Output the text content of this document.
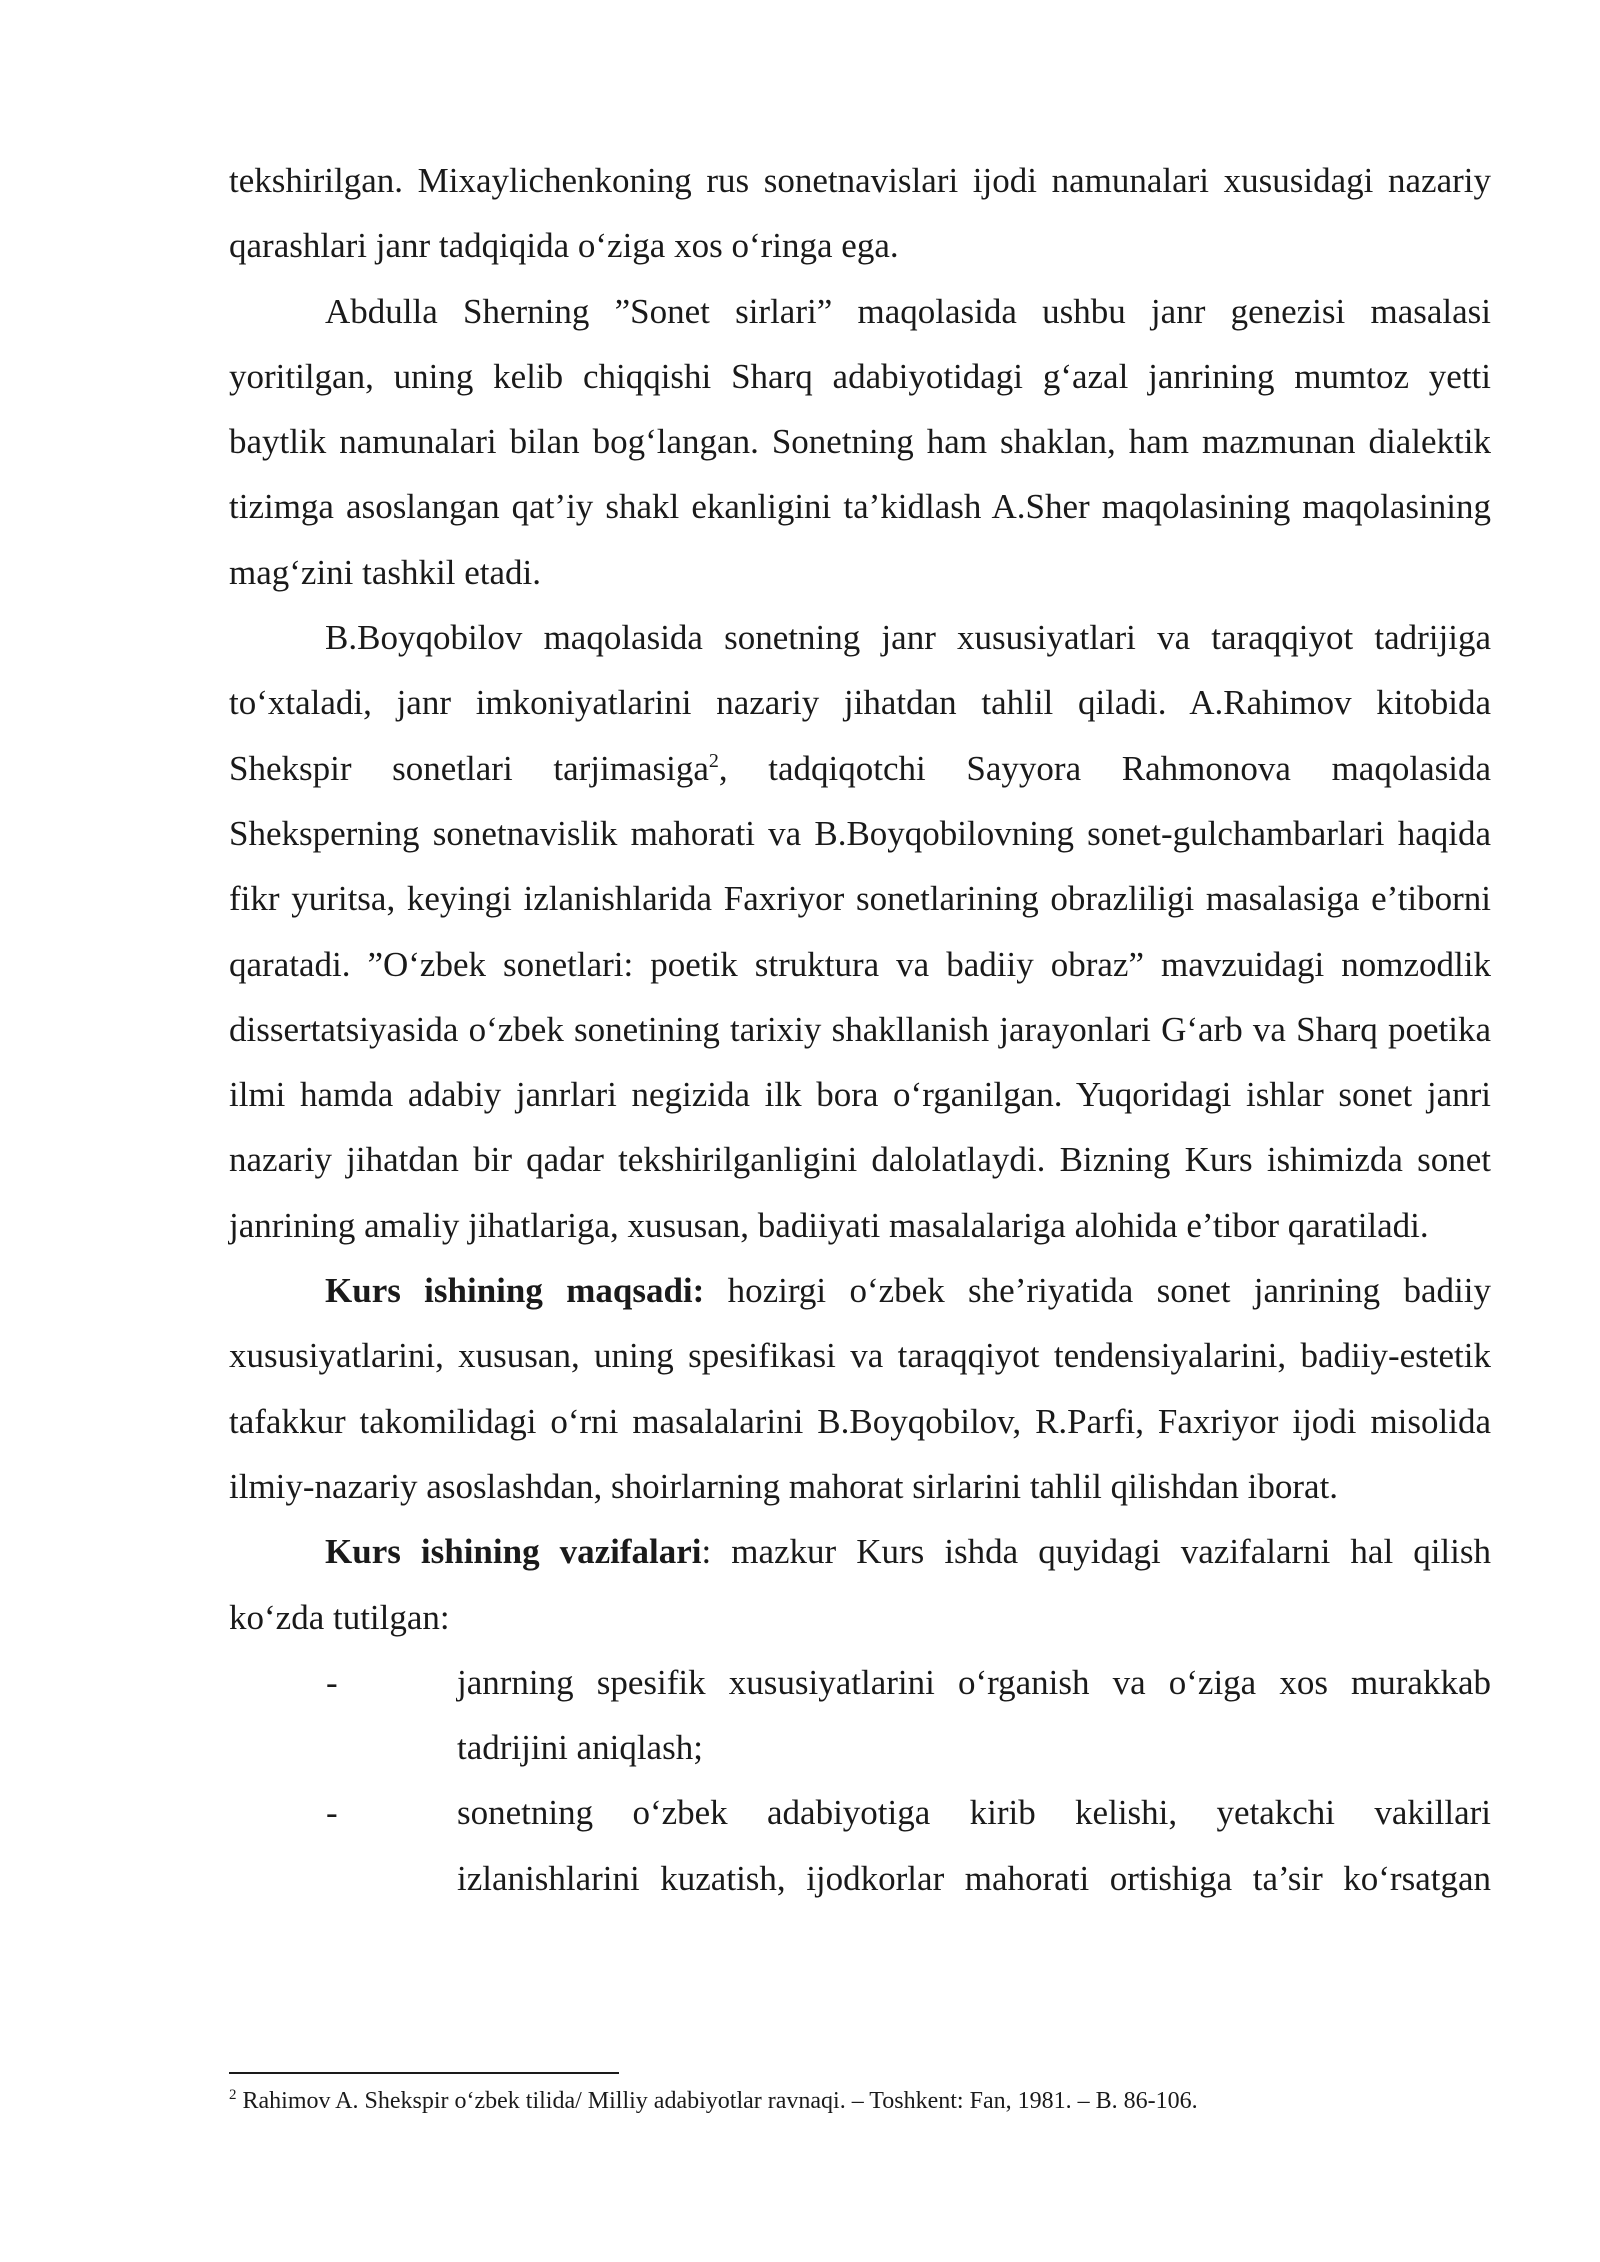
tekshirilgan. Mixaylichenkoning rus sonetnavislari ijodi namunalari xususidagi nazariy qarashlari janr tadqiqida o‘ziga xos o‘ringa ega.

Abdulla Sherning ”Sonet sirlari” maqolasida ushbu janr genezisi masalasi yoritilgan, uning kelib chiqqishi Sharq adabiyotidagi g‘azal janrining mumtoz yetti baytlik namunalari bilan bog‘langan. Sonetning ham shaklan, ham mazmunan dialektik tizimga asoslangan qat’iy shakl ekanligini ta’kidlash A.Sher maqolasining maqolasining mag‘zini tashkil etadi.

B.Boyqobilov maqolasida sonetning janr xususiyatlari va taraqqiyot tadrijiga to‘xtaladi, janr imkoniyatlarini nazariy jihatdan tahlil qiladi. A.Rahimov kitobida Shekspir sonetlari tarjimasiga$^2$, tadqiqotchi Sayyora Rahmonova maqolasida Sheksperning sonetnavislik mahorati va B.Boyqobilovning sonet-gulchambarlari haqida fikr yuritsa, keyingi izlanishlarida Faxriyor sonetlarining obrazliligi masalasiga e’tiborni qaratadi. ”O‘zbek sonetlari: poetik struktura va badiiy obraz” mavzuidagi nomzodlik dissertatsiyasida o‘zbek sonetining tarixiy shakllanish jarayonlari G‘arb va Sharq poetika ilmi hamda adabiy janrlari negizida ilk bora o‘rganilgan. Yuqoridagi ishlar sonet janri nazariy jihatdan bir qadar tekshirilganligini dalolatlaydi. Bizning Kurs ishimizda sonet janrining amaliy jihatlariga, xususan, badiiyati masalalariga alohida e’tibor qaratiladi.

Kurs ishining maqsadi: hozirgi o‘zbek she’riyatida sonet janrining badiiy xususiyatlarini, xususan, uning spesifikasi va taraqqiyot tendensiyalarini, badiiy-estetik tafakkur takomilidagi o‘rni masalalarini B.Boyqobilov, R.Parfi, Faxriyor ijodi misolida ilmiy-nazariy asoslashdan, shoirlarning mahorat sirlarini tahlil qilishdan iborat.

Kurs ishining vazifalari: mazkur Kurs ishda quyidagi vazifalarni hal qilish ko‘zda tutilgan:

-	janrning spesifik xususiyatlarini o‘rganish va o‘ziga xos murakkab tadrijini aniqlash;
-	sonetning o‘zbek adabiyotiga kirib kelishi, yetakchi vakillari izlanishlarini kuzatish, ijodkorlar mahorati ortishiga ta’sir ko‘rsatgan
$^2$ Rahimov A. Shekspir o‘zbek tilida/ Milliy adabiyotlar ravnaqi. – Toshkent: Fan, 1981. – B. 86-106.
